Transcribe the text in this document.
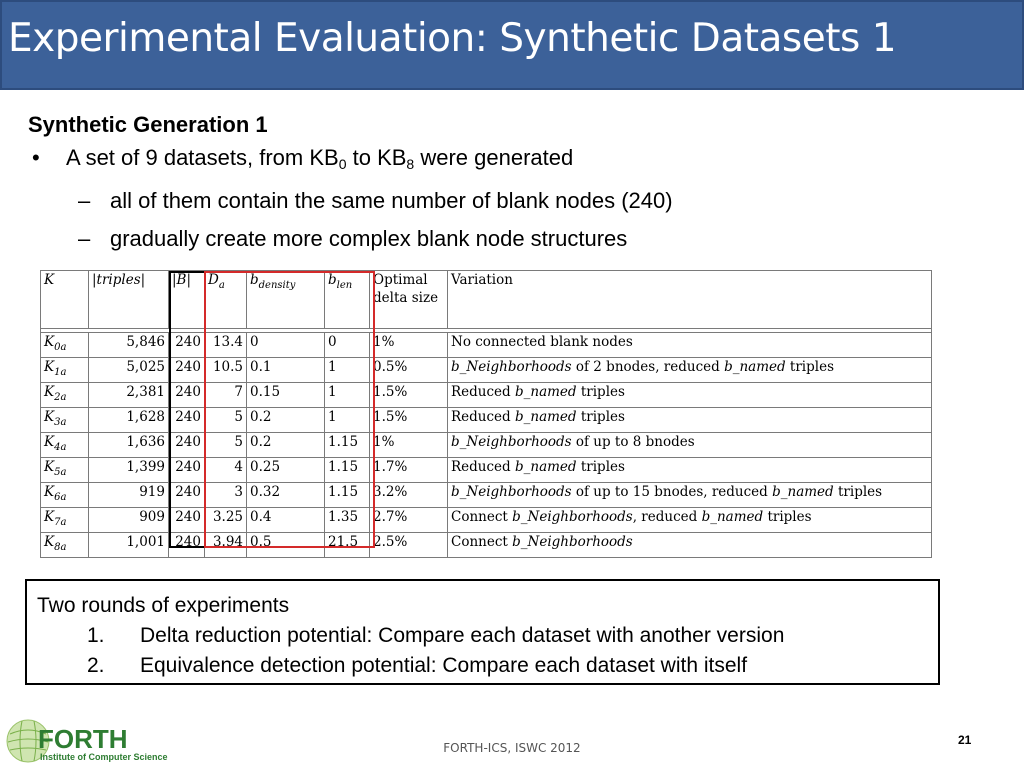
Experimental Evaluation: Synthetic Datasets 1
Synthetic Generation 1
• A set of 9 datasets, from $KB_0$ to $KB_8$ were generated
– all of them contain the same number of blank nodes (240)
– gradually create more complex blank node structures
K	|triples|	|B|	$D_a$	$b_{density}$	$b_{len}$	Optimal delta size	Variation

$K_{0a}$	5,846	240	13.4	0	0	1%	No connected blank nodes
$K_{1a}$	5,025	240	10.5	0.1	1	0.5%	b_Neighborhoods of 2 bnodes, reduced b_named triples
$K_{2a}$	2,381	240	7	0.15	1	1.5%	Reduced b_named triples
$K_{3a}$	1,628	240	5	0.2	1	1.5%	Reduced b_named triples
$K_{4a}$	1,636	240	5	0.2	1.15	1%	b_Neighborhoods of up to 8 bnodes
$K_{5a}$	1,399	240	4	0.25	1.15	1.7%	Reduced b_named triples
$K_{6a}$	919	240	3	0.32	1.15	3.2%	b_Neighborhoods of up to 15 bnodes, reduced b_named triples
$K_{7a}$	909	240	3.25	0.4	1.35	2.7%	Connect b_Neighborhoods, reduced b_named triples
$K_{8a}$	1,001	240	3.94	0.5	21.5	2.5%	Connect b_Neighborhoods
Two rounds of experiments
1. Delta reduction potential: Compare each dataset with another version
2. Equivalence detection potential: Compare each dataset with itself
FORTH
Institute of Computer Science
FORTH-ICS, ISWC 2012
21
